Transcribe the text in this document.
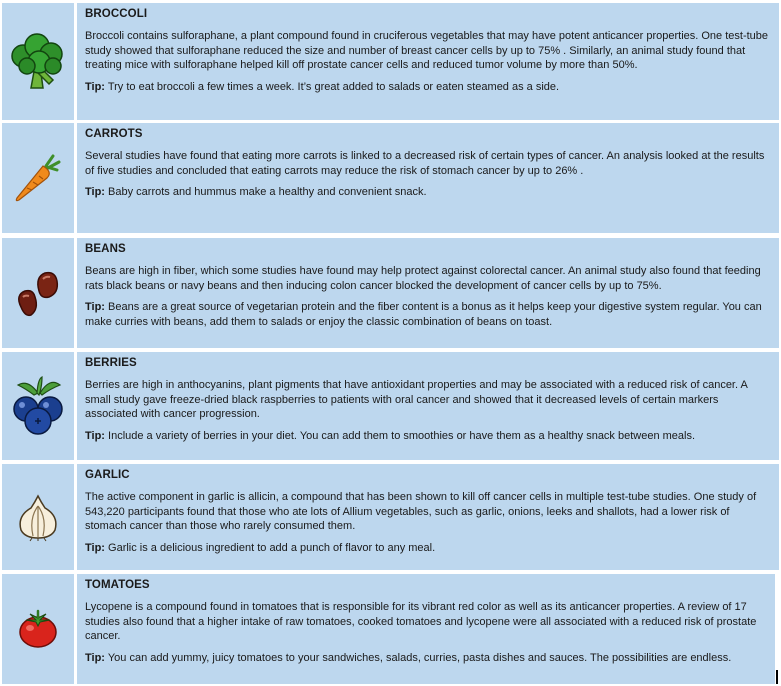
BROCCOLI
Broccoli contains sulforaphane, a plant compound found in cruciferous vegetables that may have potent anticancer properties. One test-tube study showed that sulforaphane reduced the size and number of breast cancer cells by up to 75% . Similarly, an animal study found that treating mice with sulforaphane helped kill off prostate cancer cells and reduced tumor volume by more than 50%.
Tip: Try to eat broccoli a few times a week. It’s great added to salads or eaten steamed as a side.
CARROTS
Several studies have found that eating more carrots is linked to a decreased risk of certain types of cancer. An analysis looked at the results of five studies and concluded that eating carrots may reduce the risk of stomach cancer by up to 26% .
Tip: Baby carrots and hummus make a healthy and convenient snack.
BEANS
Beans are high in fiber, which some studies have found may help protect against colorectal cancer. An animal study also found that feeding rats black beans or navy beans and then inducing colon cancer blocked the development of cancer cells by up to 75%.
Tip: Beans are a great source of vegetarian protein and the fiber content is a bonus as it helps keep your digestive system regular. You can make curries with beans, add them to salads or enjoy the classic combination of beans on toast.
BERRIES
Berries are high in anthocyanins, plant pigments that have antioxidant properties and may be associated with a reduced risk of cancer. A small study gave freeze-dried black raspberries to patients with oral cancer and showed that it decreased levels of certain markers associated with cancer progression.
Tip: Include a variety of berries in your diet. You can add them to smoothies or have them as a healthy snack between meals.
GARLIC
The active component in garlic is allicin, a compound that has been shown to kill off cancer cells in multiple test-tube studies. One study of 543,220 participants found that those who ate lots of Allium vegetables, such as garlic, onions, leeks and shallots, had a lower risk of stomach cancer than those who rarely consumed them.
Tip: Garlic is a delicious ingredient to add a punch of flavor to any meal.
TOMATOES
Lycopene is a compound found in tomatoes that is responsible for its vibrant red color as well as its anticancer properties. A review of 17 studies also found that a higher intake of raw tomatoes, cooked tomatoes and lycopene were all associated with a reduced risk of prostate cancer.
Tip: You can add yummy, juicy tomatoes to your sandwiches, salads, curries, pasta dishes and sauces. The possibilities are endless.
